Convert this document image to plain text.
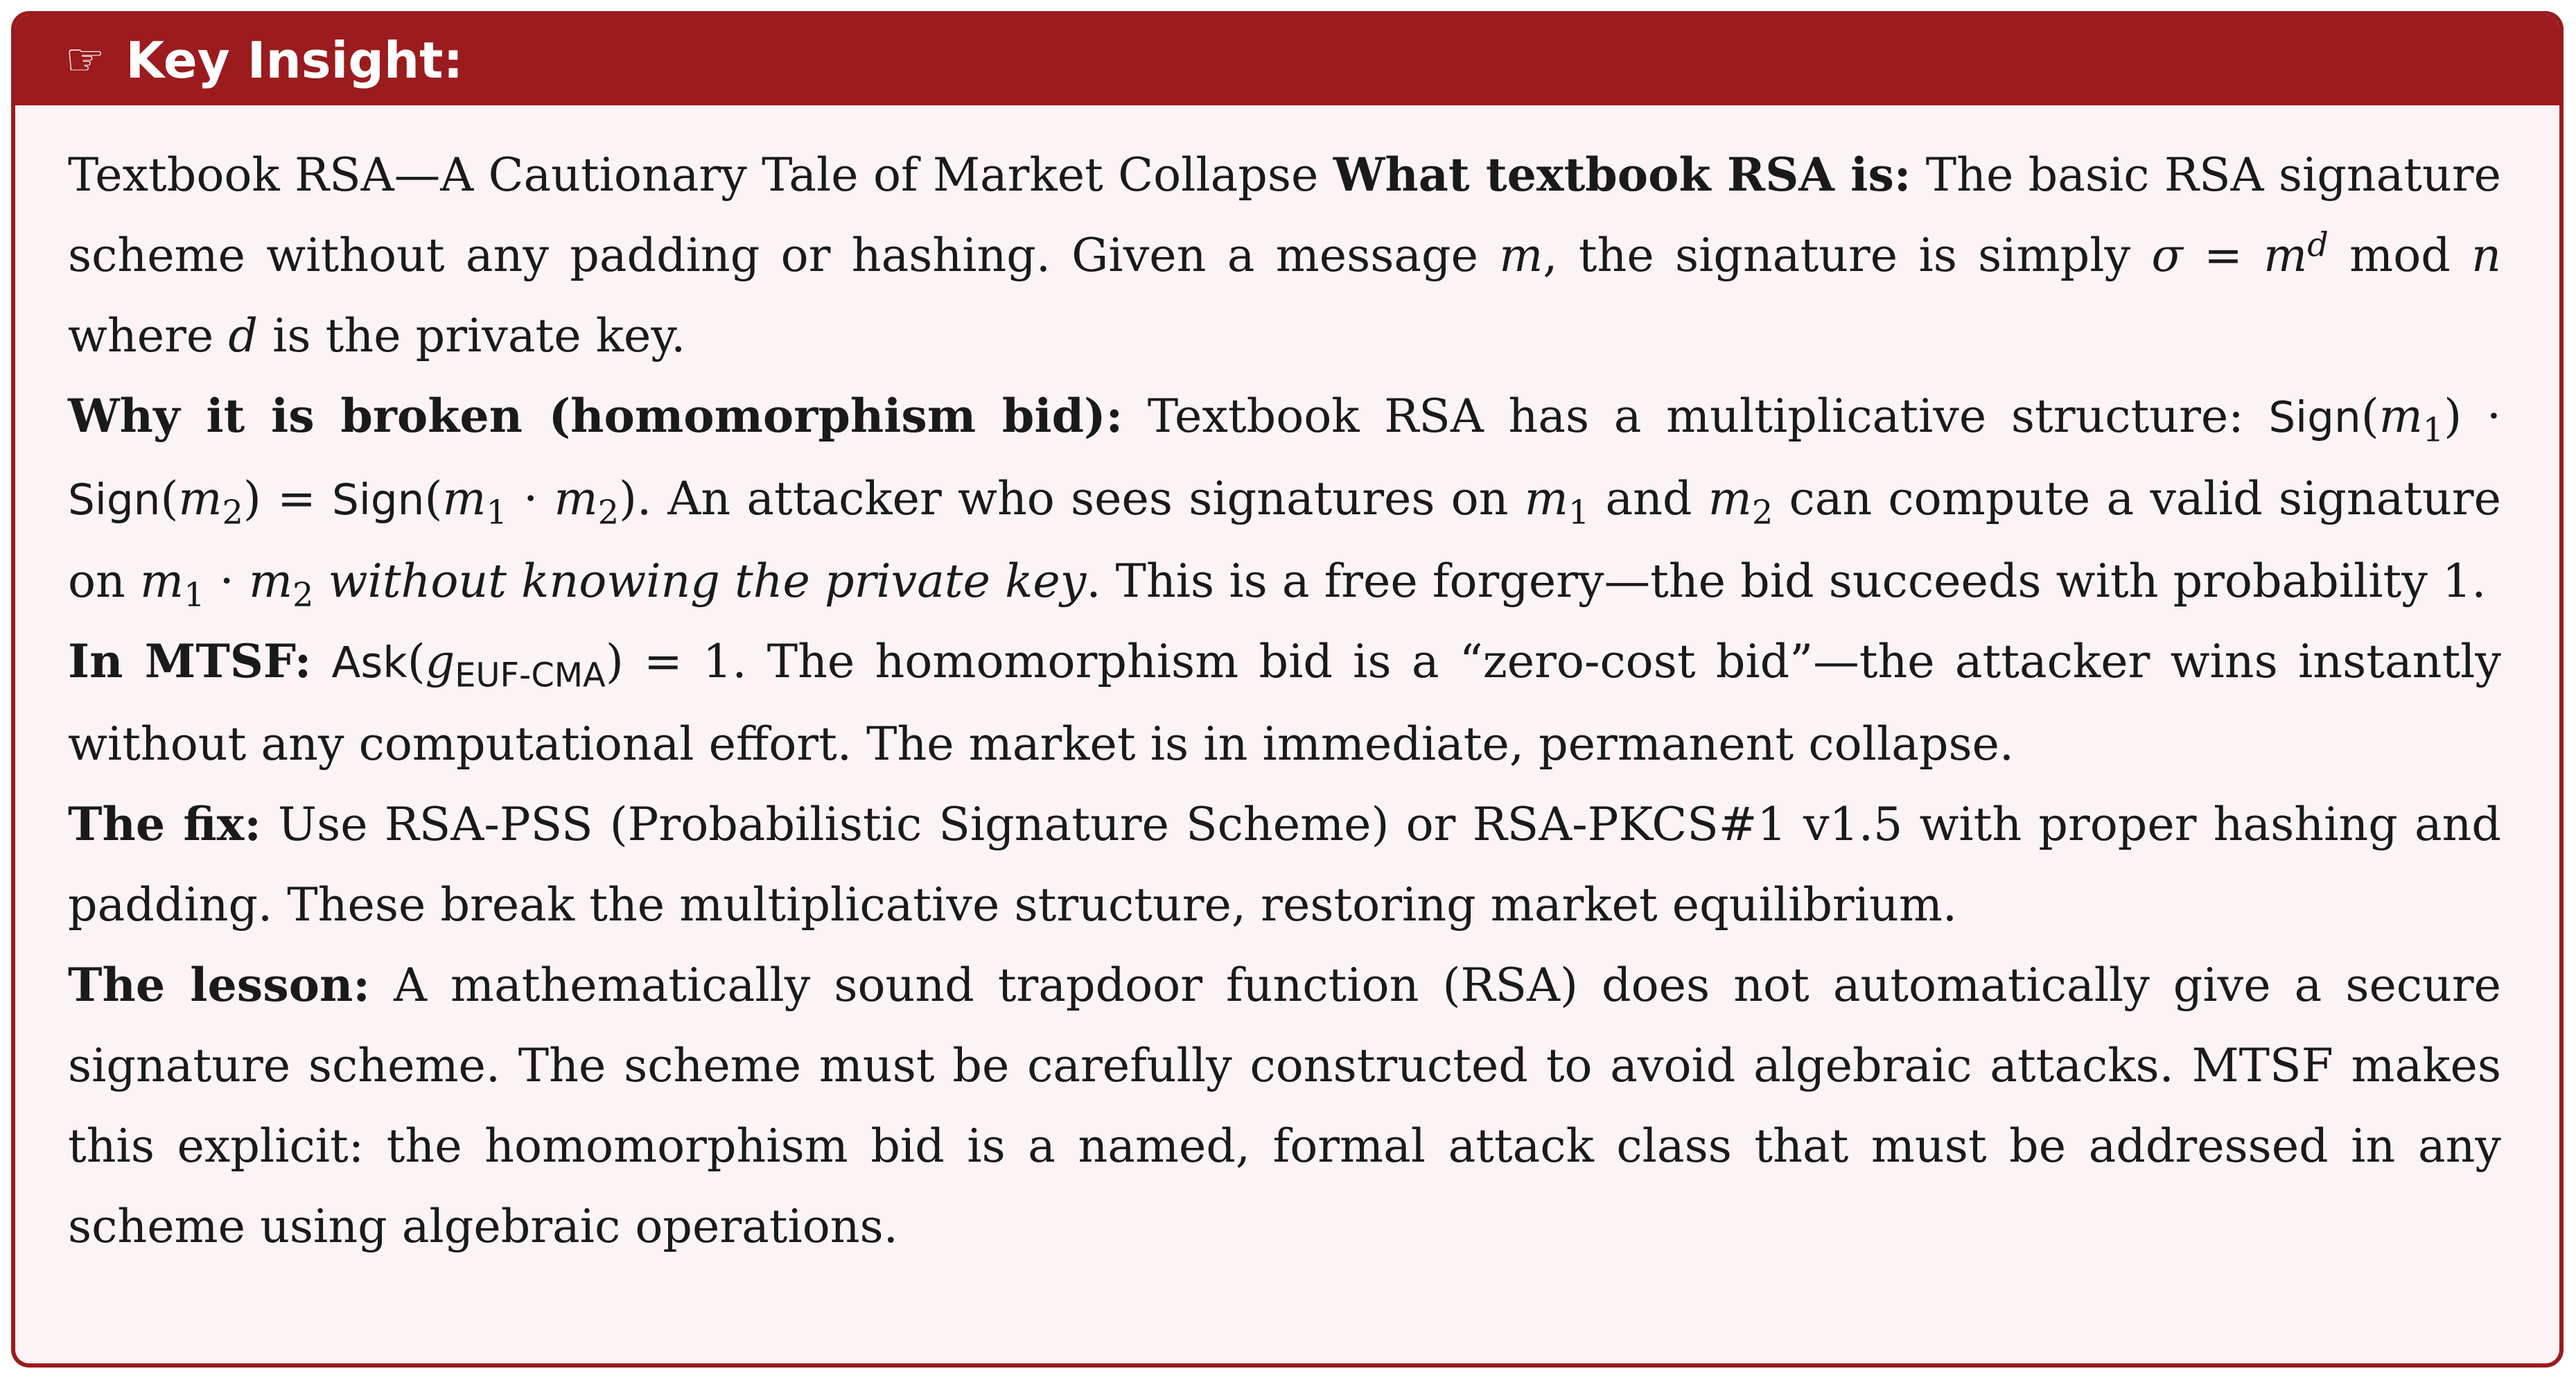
☞ Key Insight:

Textbook RSA—A Cautionary Tale of Market Collapse What textbook RSA is: The basic RSA signature scheme without any padding or hashing. Given a message m, the signature is simply $\sigma = m^d$ mod n where d is the private key.

Why it is broken (homomorphism bid): Textbook RSA has a multiplicative structure: $Sign(m_1)$ · $Sign(m_2)$ = $Sign(m_1 \cdot m_2)$. An attacker who sees signatures on $m_1$ and $m_2$ can compute a valid signature on $m_1 \cdot m_2$ without knowing the private key. This is a free forgery—the bid succeeds with probability 1.

In MTSF: $Ask(g_{EUF-CMA}) = 1$. The homomorphism bid is a “zero-cost bid”—the attacker wins instantly without any computational effort. The market is in immediate, permanent collapse.

The fix: Use RSA-PSS (Probabilistic Signature Scheme) or RSA-PKCS#1 v1.5 with proper hashing and padding. These break the multiplicative structure, restoring market equilibrium.

The lesson: A mathematically sound trapdoor function (RSA) does not automatically give a secure signature scheme. The scheme must be carefully constructed to avoid algebraic attacks. MTSF makes this explicit: the homomorphism bid is a named, formal attack class that must be addressed in any scheme using algebraic operations.
